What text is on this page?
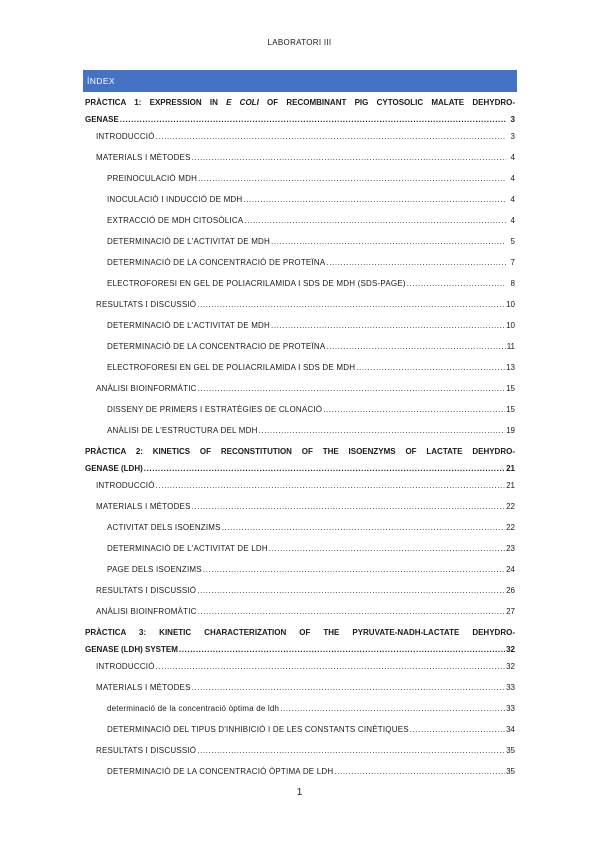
LABORATORI III
ÍNDEX
PRÀCTICA 1: EXPRESSION IN E COLI OF RECOMBINANT PIG CYTOSOLIC MALATE DEHYDRO-
GENASE .....	3
INTRODUCCIÓ .....	3
MATERIALS I MÈTODES .....	4
PREINOCULACIÓ MDH .....	4
INOCULACIÓ I INDUCCIÓ DE MDH .....	4
EXTRACCIÓ DE MDH CITOSÒLICA .....	4
DETERMINACIÓ DE L'ACTIVITAT DE MDH .....	5
DETERMINACIÓ DE LA CONCENTRACIÓ DE PROTEÏNA .....	7
ELECTROFORESI EN GEL DE POLIACRILAMIDA I SDS DE MDH (SDS-PAGE) .....	8
RESULTATS I DISCUSSIÓ .....	10
DETERMINACIÓ DE L'ACTIVITAT DE MDH .....	10
DETERMINACIÓ DE LA CONCENTRACIO DE PROTEÏNA .....	11
ELECTROFORESI EN GEL DE POLIACRILAMIDA I SDS DE MDH .....	13
ANÀLISI BIOINFORMÀTIC .....	15
DISSENY DE PRIMERS I ESTRATÈGIES DE CLONACIÓ .....	15
ANÀLISI DE L'ESTRUCTURA DEL MDH .....	19
PRÀCTICA 2: KINETICS OF RECONSTITUTION OF THE ISOENZYMS OF LACTATE DEHYDRO-
GENASE (LDH) .....	21
INTRODUCCIÓ .....	21
MATERIALS I MÈTODES .....	22
ACTIVITAT DELS ISOENZIMS .....	22
DETERMINACIÓ DE L'ACTIVITAT DE LDH .....	23
PAGE DELS ISOENZIMS .....	24
RESULTATS I DISCUSSIÓ .....	26
ANÀLISI BIOINFROMÀTIC .....	27
PRÀCTICA 3: KINETIC CHARACTERIZATION OF THE PYRUVATE-NADH-LACTATE DEHYDRO-
GENASE (LDH) SYSTEM .....	32
INTRODUCCIÓ .....	32
MATERIALS I MÈTODES .....	33
determinació de la concentració òptima de ldh .....	33
DETERMINACIÓ DEL TIPUS D'INHIBICIÓ I DE LES CONSTANTS CINÈTIQUES .....	34
RESULTATS I DISCUSSIÓ .....	35
DETERMINACIÓ DE LA CONCENTRACIÓ ÒPTIMA DE LDH .....	35
1
